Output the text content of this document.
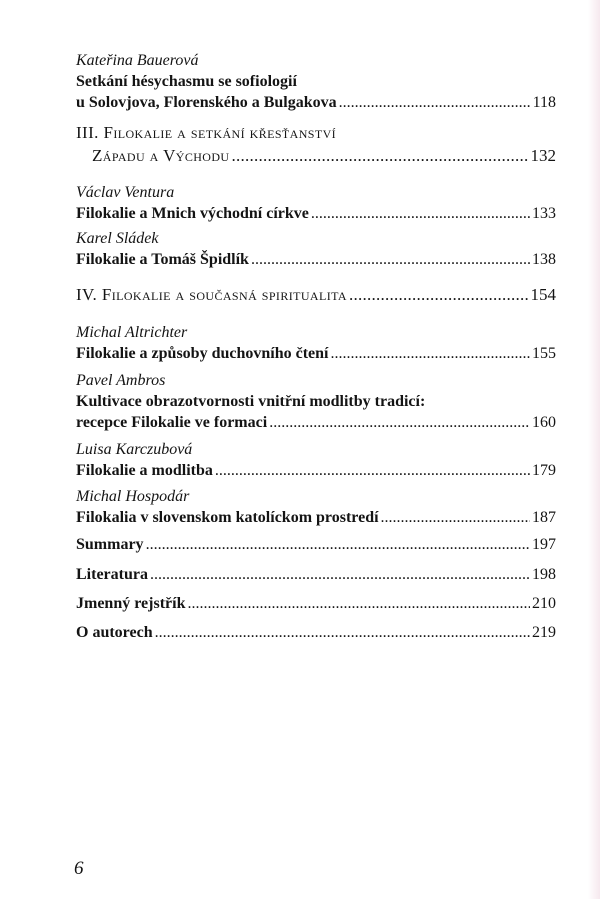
Kateřina Bauerová
Setkání hésychasmu se sofiologií
u Solovjova, Florenského a Bulgakova . . .	118
III. Filokalie a setkání křesťanství
Západu a Východu . . .	132
Václav Ventura
Filokalie a Mnich východní církve . . .	133
Karel Sládek
Filokalie a Tomáš Špidlík . . .	138
IV. Filokalie a současná spiritualita . . .	154
Michal Altrichter
Filokalie a způsoby duchovního čtení . . .	155
Pavel Ambros
Kultivace obrazotvornosti vnitřní modlitby tradicí:
recepce Filokalie ve formaci . . .	160
Luisa Karczubová
Filokalie a modlitba . . .	179
Michal Hospodár
Filokalia v slovenskom katolíckom prostredí . . .	187
Summary . . .	197
Literatura . . .	198
Jmenný rejstřík . . .	210
O autorech . . .	219
6
